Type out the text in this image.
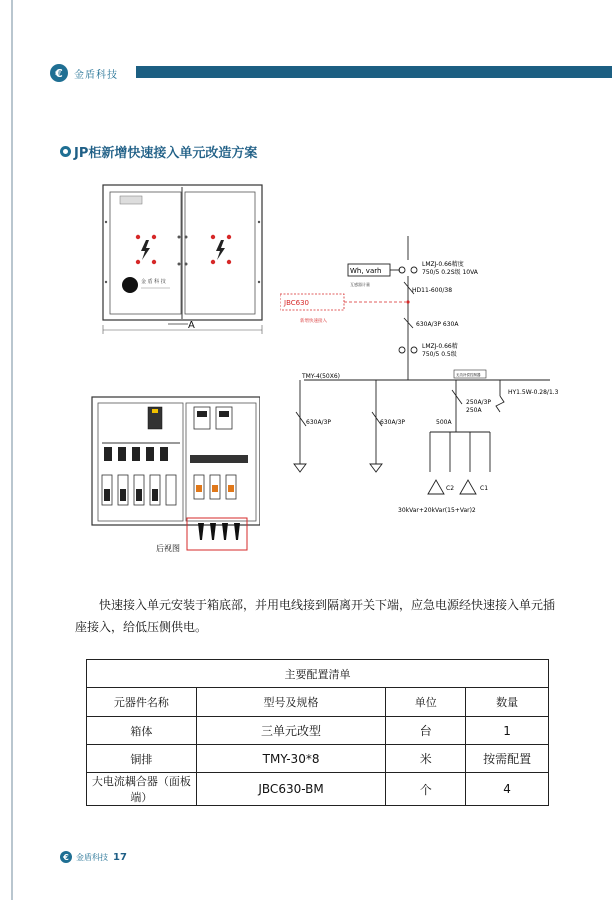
€	金盾科技
JP柜新增快速接入单元改造方案
金 盾 科 技
A
后视图
Wh, varh
互感器计量
LMZJ-0.66精度
750/5 0.2S级 10VA
HD11-600/38
JBC630
新增快速接入	630A/3P 630A
LMZJ-0.66精
750/5 0.5级
TMY-4(50X6)	无功补偿控制器
HY1.5W-0.28/1.3
630A/3P	630A/3P	500A
250A/3P
250A
C2	C1
30kVar+20kVar(15+Var)2

快速接入单元安装于箱底部，并用电线接到隔离开关下端，应急电源经快速接入单元插座接入，给低压侧供电。

主要配置清单			
元器件名称	型号及规格	单位	数量
箱体	三单元改型	台	1
铜排	TMY-30*8	米	按需配置
大电流耦合器（面板端）	JBC630-BM	个	4
€ 金盾科技 17
